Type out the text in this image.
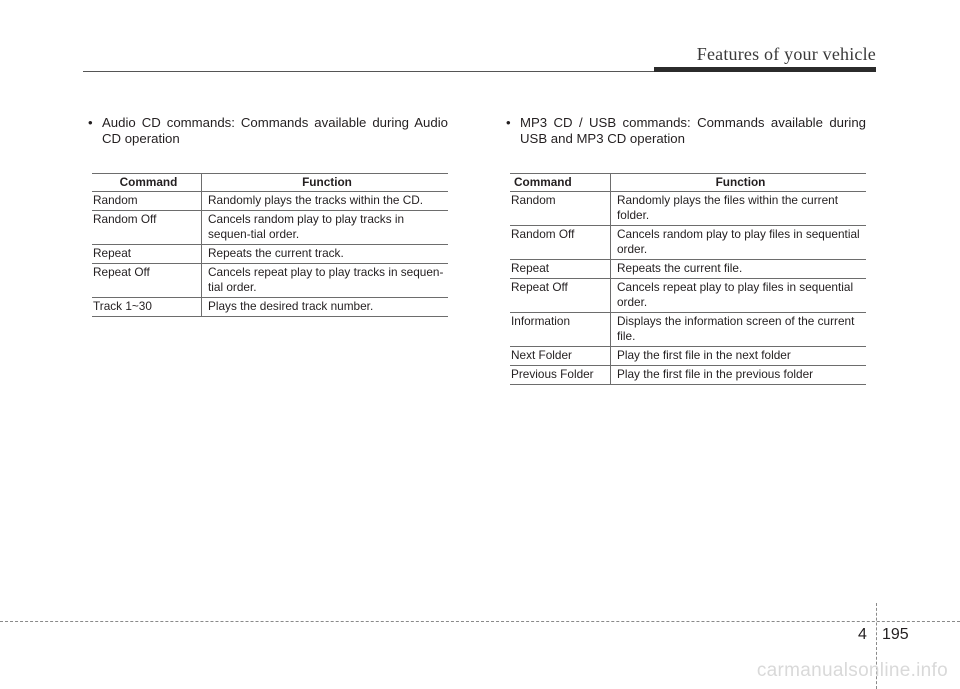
Features of your vehicle

• Audio CD commands: Commands available during Audio CD operation

Command	Function
Random	Randomly plays the tracks within the CD.
Random Off	Cancels random play to play tracks in sequen-tial order.
Repeat	Repeats the current track.
Repeat Off	Cancels repeat play to play tracks in sequen-tial order.
Track 1~30	Plays the desired track number.

• MP3 CD / USB commands: Commands available during USB and MP3 CD operation

Command	Function
Random	Randomly plays the files within the current folder.
Random Off	Cancels random play to play files in sequential order.
Repeat	Repeats the current file.
Repeat Off	Cancels repeat play to play files in sequential order.
Information	Displays the information screen of the current file.
Next Folder	Play the first file in the next folder
Previous Folder	Play the first file in the previous folder
4 195
carmanualsonline.info
